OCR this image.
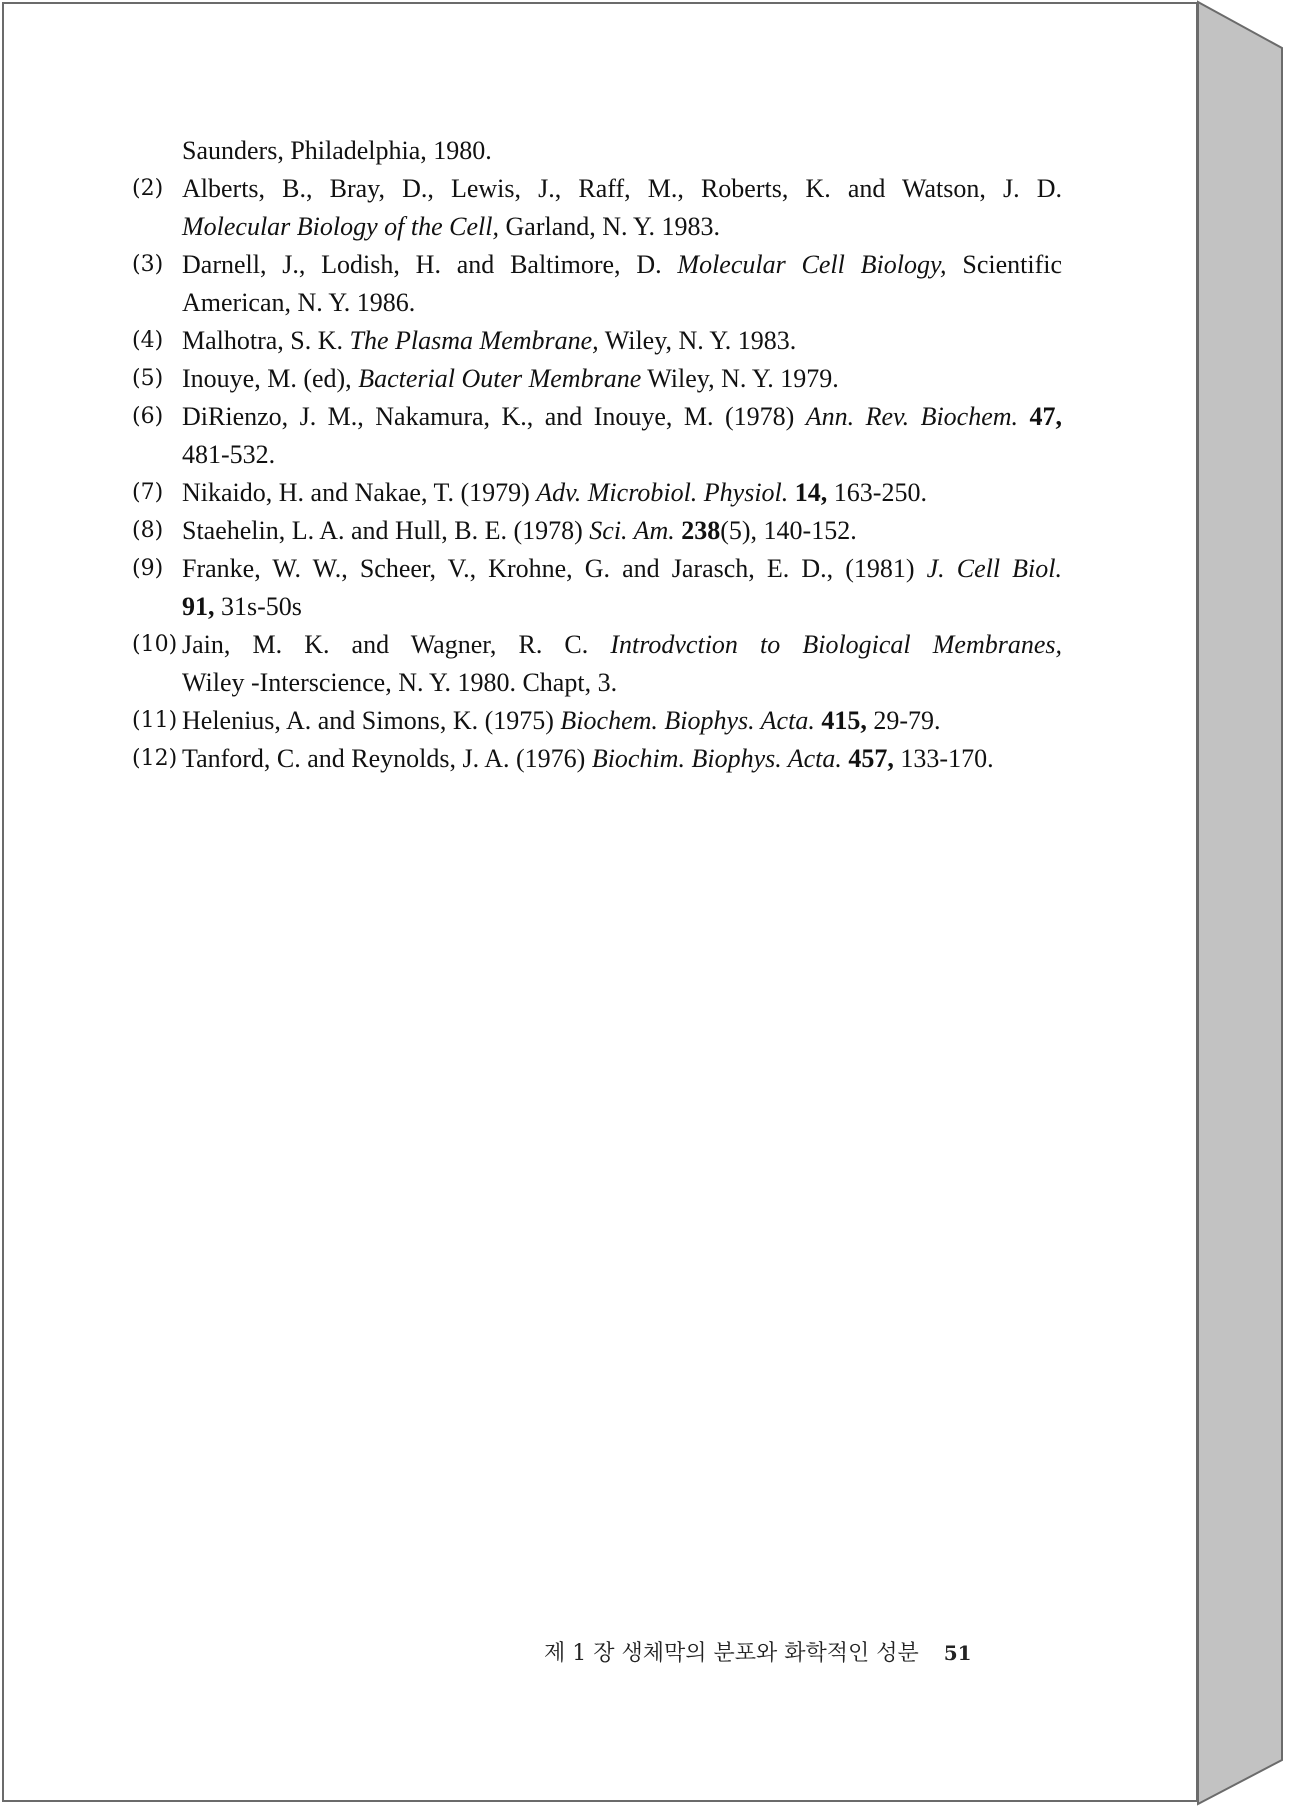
Saunders, Philadelphia, 1980.
(2) Alberts, B., Bray, D., Lewis, J., Raff, M., Roberts, K. and Watson, J. D.
Molecular Biology of the Cell, Garland, N. Y. 1983.
(3) Darnell, J., Lodish, H. and Baltimore, D. Molecular Cell Biology, Scientific
American, N. Y. 1986.
(4) Malhotra, S. K. The Plasma Membrane, Wiley, N. Y. 1983.
(5) Inouye, M. (ed), Bacterial Outer Membrane Wiley, N. Y. 1979.
(6) DiRienzo, J. M., Nakamura, K., and Inouye, M. (1978) Ann. Rev. Biochem. 47,
481-532.
(7) Nikaido, H. and Nakae, T. (1979) Adv. Microbiol. Physiol. 14, 163-250.
(8) Staehelin, L. A. and Hull, B. E. (1978) Sci. Am. 238(5), 140-152.
(9) Franke, W. W., Scheer, V., Krohne, G. and Jarasch, E. D., (1981) J. Cell Biol.
91, 31s-50s
(10) Jain, M. K. and Wagner, R. C. Introdvction to Biological Membranes,
Wiley -Interscience, N. Y. 1980. Chapt, 3.
(11) Helenius, A. and Simons, K. (1975) Biochem. Biophys. Acta. 415, 29-79.
(12) Tanford, C. and Reynolds, J. A. (1976) Biochim. Biophys. Acta. 457, 133-170.
제 1 장 생체막의 분포와 화학적인 성분 51
